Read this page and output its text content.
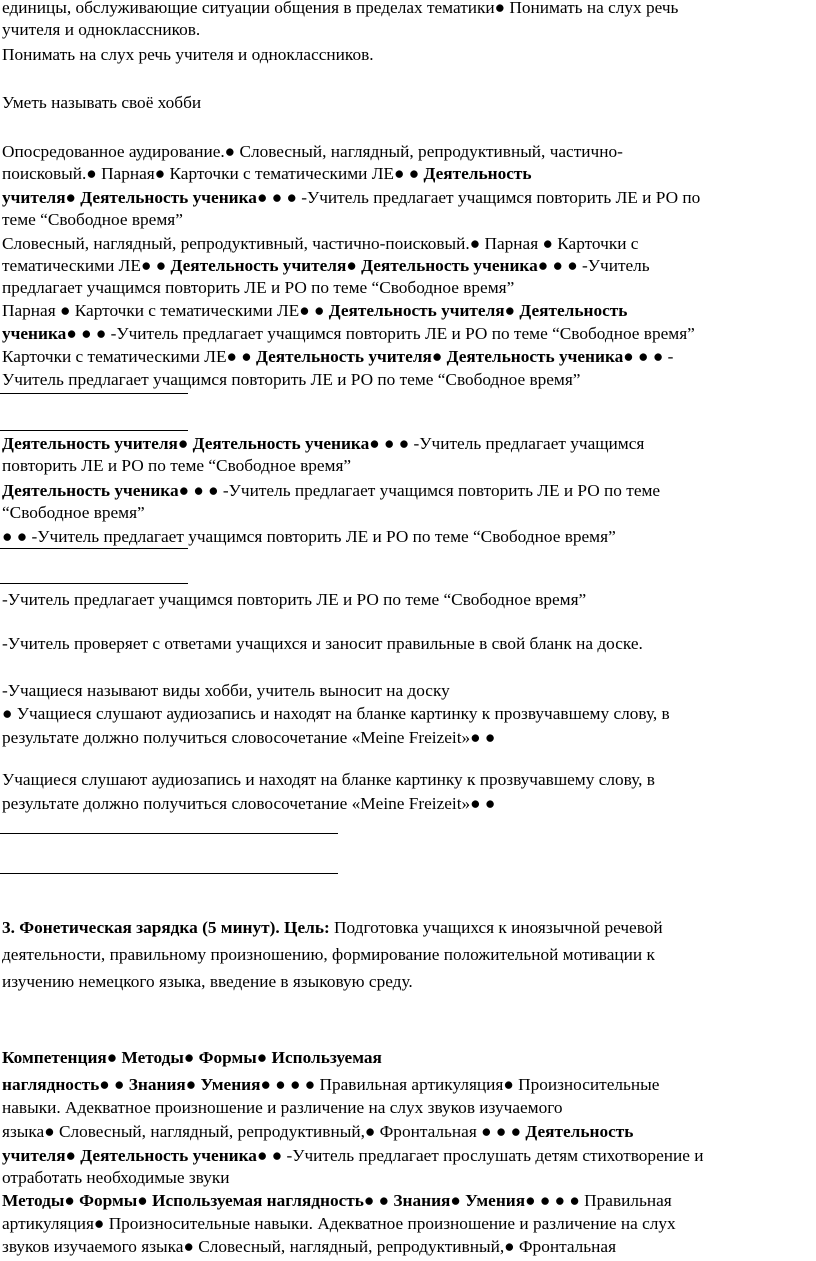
единицы, обслуживающие ситуации общения в пределах тематики● Понимать на слух речь
учителя и одноклассников.
Понимать на слух речь учителя и одноклассников.
Уметь называть своё хобби
Опосредованное аудирование.● Словесный, наглядный, репродуктивный, частично-
поисковый.● Парная● Карточки с тематическими ЛЕ● ● Деятельность
учителя● Деятельность ученика● ● ● -Учитель предлагает учащимся повторить ЛЕ и РО по
теме “Свободное время”
Словесный, наглядный, репродуктивный, частично-поисковый.● Парная ● Карточки с
тематическими ЛЕ● ● Деятельность учителя● Деятельность ученика● ● ● -Учитель
предлагает учащимся повторить ЛЕ и РО по теме “Свободное время”
Парная ● Карточки с тематическими ЛЕ● ● Деятельность учителя● Деятельность
ученика● ● ● -Учитель предлагает учащимся повторить ЛЕ и РО по теме “Свободное время”
Карточки с тематическими ЛЕ● ● Деятельность учителя● Деятельность ученика● ● ● -
Учитель предлагает учащимся повторить ЛЕ и РО по теме “Свободное время”
Деятельность учителя● Деятельность ученика● ● ● -Учитель предлагает учащимся
повторить ЛЕ и РО по теме “Свободное время”
Деятельность ученика● ● ● -Учитель предлагает учащимся повторить ЛЕ и РО по теме
“Свободное время”
● ● -Учитель предлагает учащимся повторить ЛЕ и РО по теме “Свободное время”
-Учитель предлагает учащимся повторить ЛЕ и РО по теме “Свободное время”
-Учитель проверяет с ответами учащихся и заносит правильные в свой бланк на доске.
-Учащиеся называют виды хобби, учитель выносит на доску
● Учащиеся слушают аудиозапись и находят на бланке картинку к прозвучавшему слову, в
результате должно получиться словосочетание «Meine Freizeit»● ●
Учащиеся слушают аудиозапись и находят на бланке картинку к прозвучавшему слову, в
результате должно получиться словосочетание «Meine Freizeit»● ●
3. Фонетическая зарядка (5 минут). Цель: Подготовка учащихся к иноязычной речевой
деятельности, правильному произношению, формирование положительной мотивации к
изучению немецкого языка, введение в языковую среду.
Компетенция● Методы● Формы● Используемая
наглядность● ● Знания● Умения● ● ● ● Правильная артикуляция● Произносительные
навыки. Адекватное произношение и различение на слух звуков изучаемого
языка● Словесный, наглядный, репродуктивный,● Фронтальная ● ● ● Деятельность
учителя● Деятельность ученика● ● -Учитель предлагает прослушать детям стихотворение и
отработать необходимые звуки
Методы● Формы● Используемая наглядность● ● Знания● Умения● ● ● ● Правильная
артикуляция● Произносительные навыки. Адекватное произношение и различение на слух
звуков изучаемого языка● Словесный, наглядный, репродуктивный,● Фронтальная
